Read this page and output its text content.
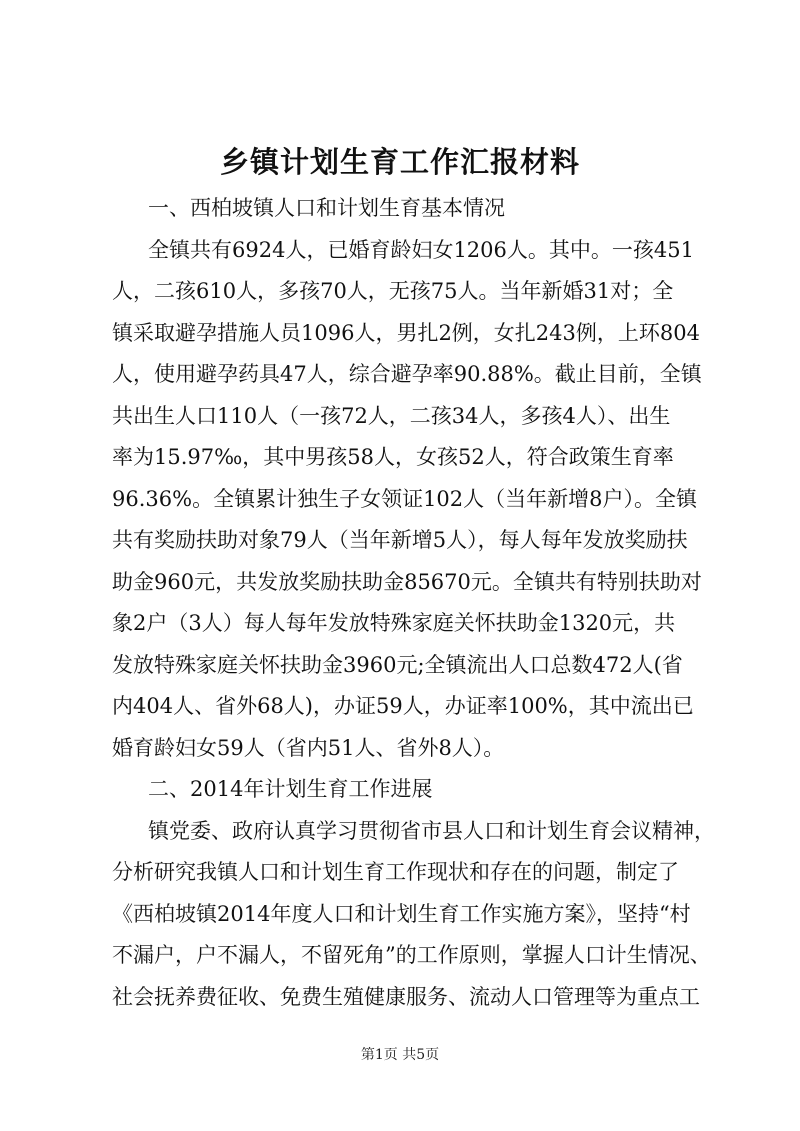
乡镇计划生育工作汇报材料
一、西柏坡镇人口和计划生育基本情况
全镇共有6924人，已婚育龄妇女1206人。其中。一孩451
人，二孩610人，多孩70人，无孩75人。当年新婚31对；全
镇采取避孕措施人员1096人，男扎2例，女扎243例，上环804
人，使用避孕药具47人，综合避孕率90.88%。截止目前，全镇
共出生人口110人（一孩72人，二孩34人，多孩4人）、出生
率为15.97‰，其中男孩58人，女孩52人，符合政策生育率
96.36%。全镇累计独生子女领证102人（当年新增8户）。全镇
共有奖励扶助对象79人（当年新增5人），每人每年发放奖励扶
助金960元，共发放奖励扶助金85670元。全镇共有特别扶助对
象2户（3人）每人每年发放特殊家庭关怀扶助金1320元，共
发放特殊家庭关怀扶助金3960元;全镇流出人口总数472人(省
内404人、省外68人)，办证59人，办证率100%，其中流出已
婚育龄妇女59人（省内51人、省外8人）。
二、2014年计划生育工作进展
镇党委、政府认真学习贯彻省市县人口和计划生育会议精神，
分析研究我镇人口和计划生育工作现状和存在的问题，制定了
《西柏坡镇2014年度人口和计划生育工作实施方案》，坚持“村
不漏户，户不漏人，不留死角”的工作原则，掌握人口计生情况、
社会抚养费征收、免费生殖健康服务、流动人口管理等为重点工
第1页 共5页
